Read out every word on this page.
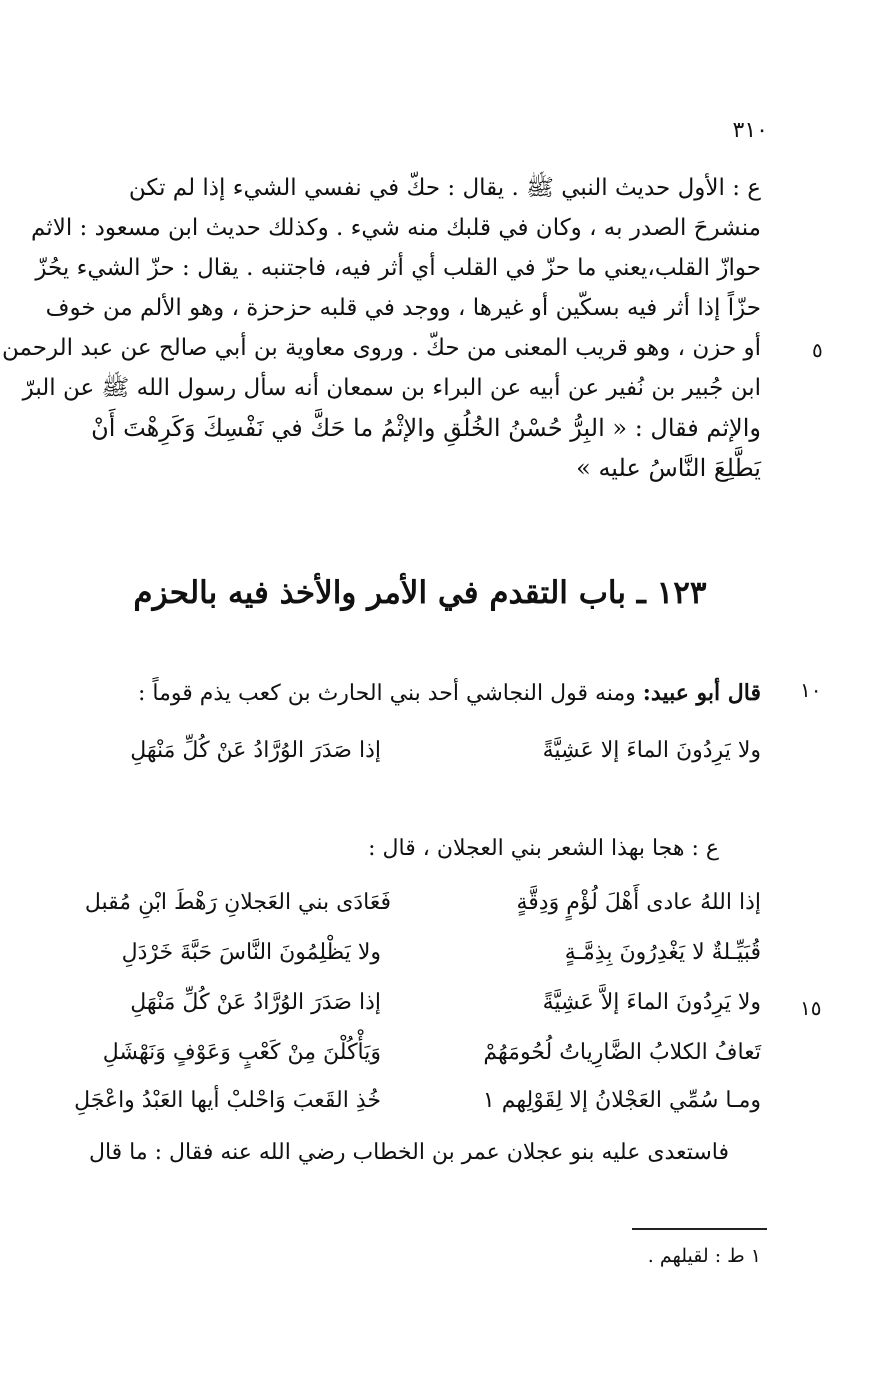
٣١٠

ع : الأول حديث النبي ﷺ . يقال : حكّ في نفسي الشيء إذا لم تكن

منشرحَ الصدر به ، وكان في قلبك منه شيء . وكذلك حديث ابن مسعود : الاثم

حوازّ القلب،يعني ما حزّ في القلب أي أثر فيه، فاجتنبه . يقال : حزّ الشيء يحُزّ

حزّاً إذا أثر فيه بسكّين أو غيرها ، ووجد في قلبه حزحزة ، وهو الألم من خوف

أو حزن ، وهو قريب المعنى من حكّ . وروى معاوية بن أبي صالح عن عبد الرحمن

ابن جُبير بن نُفير عن أبيه عن البراء بن سمعان أنه سأل رسول الله ﷺ عن البرّ

والإثم فقال : « البِرُّ حُسْنُ الخُلُقِ والإثْمُ ما حَكَّ في نَفْسِكَ وَكَرِهْتَ أَنْ

يَطَّلِعَ النَّاسُ عليه »

٥
١٢٣ ـ باب التقدم في الأمر والأخذ فيه بالحزم
١٠
قال أبو عبيد: ومنه قول النجاشي أحد بني الحارث بن كعب يذم قوماً :
ولا يَرِدُونَ الماءَ إلا عَشِيَّةً
إذا صَدَرَ الوُرَّادُ عَنْ كُلِّ مَنْهَلِ
ع : هجا بهذا الشعر بني العجلان ، قال :
إذا اللهُ عادى أَهْلَ لُؤْمٍ وَدِقَّةٍ
فَعَادَى بني العَجلانِ رَهْطَ ابْنِ مُقبل
قُبَيِّـلةٌ لا يَغْدِرُونَ بِذِمَّـةٍ
ولا يَظْلِمُونَ النَّاسَ حَبَّةَ خَرْدَلِ
ولا يَرِدُونَ الماءَ إلاَّ عَشِيَّةً
إذا صَدَرَ الوُرَّادُ عَنْ كُلِّ مَنْهَلِ	١٥
تَعافُ الكلابُ الضَّارِياتُ لُحُومَهُمْ
وَيَأْكُلْنَ مِنْ كَعْبٍ وَعَوْفٍ وَنَهْشَلِ
ومـا سُمِّي العَجْلانُ إلا لِقَوْلِهم ١
خُذِ القَعبَ وَاحْلبْ أيها العَبْدُ واعْجَلِ
فاستعدى عليه بنو عجلان عمر بن الخطاب رضي الله عنه فقال : ما قال
١ ط : لقيلهم .
